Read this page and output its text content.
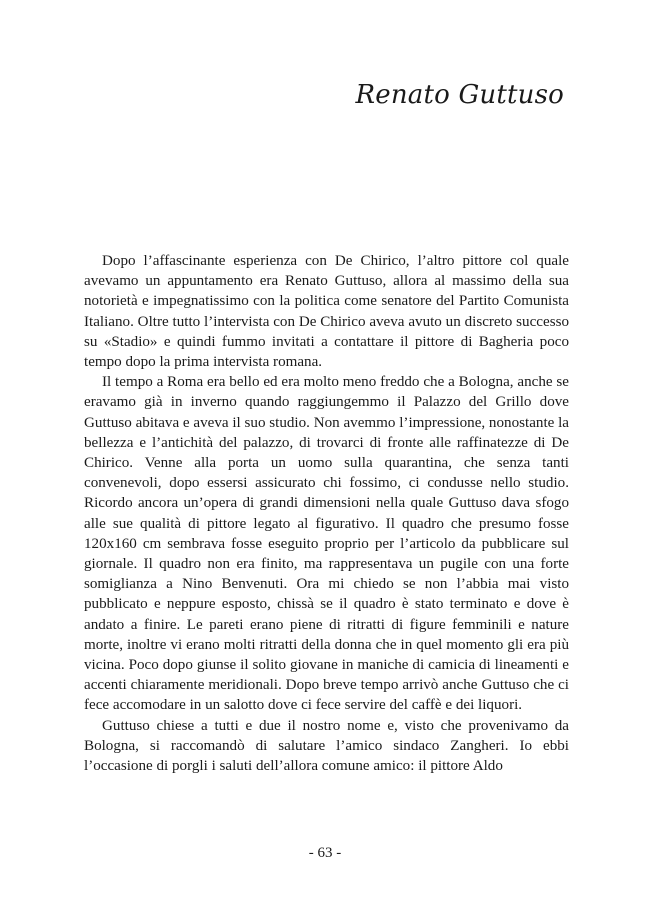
Renato Guttuso

Dopo l’affascinante esperienza con De Chirico, l’altro pittore col quale avevamo un appuntamento era Renato Guttuso, allora al massimo della sua notorietà e impegnatissimo con la politica come senatore del Partito Comunista Italiano. Oltre tutto l’intervista con De Chirico aveva avuto un discreto successo su «Stadio» e quindi fummo invitati a contattare il pittore di Bagheria poco tempo dopo la prima intervista romana.

Il tempo a Roma era bello ed era molto meno freddo che a Bologna, anche se eravamo già in inverno quando raggiungemmo il Palazzo del Grillo dove Guttuso abitava e aveva il suo studio. Non avemmo l’impressione, nonostante la bellezza e l’antichità del palazzo, di trovarci di fronte alle raffinatezze di De Chirico. Venne alla porta un uomo sulla quarantina, che senza tanti convenevoli, dopo essersi assicurato chi fossimo, ci condusse nello studio. Ricordo ancora un’opera di grandi dimensioni nella quale Guttuso dava sfogo alle sue qualità di pittore legato al figurativo. Il quadro che presumo fosse 120x160 cm sembrava fosse eseguito proprio per l’articolo da pubblicare sul giornale. Il quadro non era finito, ma rappresentava un pugile con una forte somiglianza a Nino Benvenuti. Ora mi chiedo se non l’abbia mai visto pubblicato e neppure esposto, chissà se il quadro è stato terminato e dove è andato a finire. Le pareti erano piene di ritratti di figure femminili e nature morte, inoltre vi erano molti ritratti della donna che in quel momento gli era più vicina. Poco dopo giunse il solito giovane in maniche di camicia di lineamenti e accenti chiaramente meridionali. Dopo breve tempo arrivò anche Guttuso che ci fece accomodare in un salotto dove ci fece servire del caffè e dei liquori.

Guttuso chiese a tutti e due il nostro nome e, visto che provenivamo da Bologna, si raccomandò di salutare l’amico sindaco Zangheri. Io ebbi l’occasione di porgli i saluti dell’allora comune amico: il pittore Aldo

- 63 -
